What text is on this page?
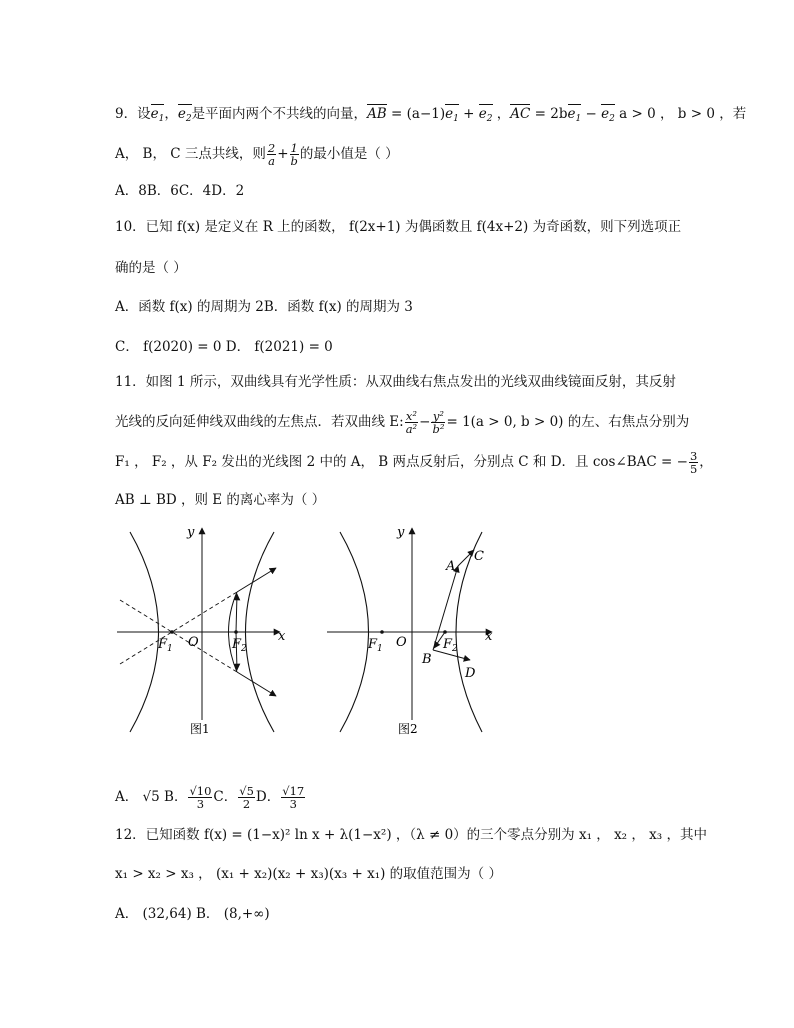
9．设$e_1$，$e_2$是平面内两个不共线的向量，AB = $(a-1)e_1 + e_2$ ，AC = $2be_1 - e_2$ a > 0 ， b > 0 ，若
A， B， C 三点共线，则 $\frac{2}{a} + \frac{1}{b}$ 的最小值是（ ）
A．8B．6C．4D．2
10．已知 f(x) 是定义在 R 上的函数， f(2x+1) 为偶函数且 f(4x+2) 为奇函数，则下列选项正
确的是（ ）
A．函数 f(x) 的周期为 2B．函数 f(x) 的周期为 3
C． f(2020) = 0 D． f(2021) = 0
11．如图 1 所示，双曲线具有光学性质：从双曲线右焦点发出的光线双曲线镜面反射，其反射
光线的反向延伸线双曲线的左焦点．若双曲线 E: $\frac{\text{x²}}{\text{a²}} - \frac{\text{y²}}{\text{b²}} = 1(a > 0$, b > 0) 的左、右焦点分别为
F₁ ， F₂ ，从 F₂ 发出的光线图 2 中的 A， B 两点反射后，分别点 C 和 D．且 cos∠BAC = − $\frac{3}{5}$ ，
AB ⊥ BD ，则 E 的离心率为（ ）
y
x
O
$F_1$	$F_2$
图1
y
x
O
$F_1$	$F_2$
A
C
B
D
图2
A． √5 B． $\frac{√10}{3}$ C． $\frac{√5}{2}$ D． $\frac{√17}{3}$
12．已知函数 f(x) = (1−x)² ln x + λ(1−x²) ，（λ ≠ 0）的三个零点分别为 x₁ ， x₂ ， x₃ ，其中
x₁ > x₂ > x₃ ， (x₁ + x₂)(x₂ + x₃)(x₃ + x₁) 的取值范围为（ ）
A． (32,64) B． (8,+∞)
